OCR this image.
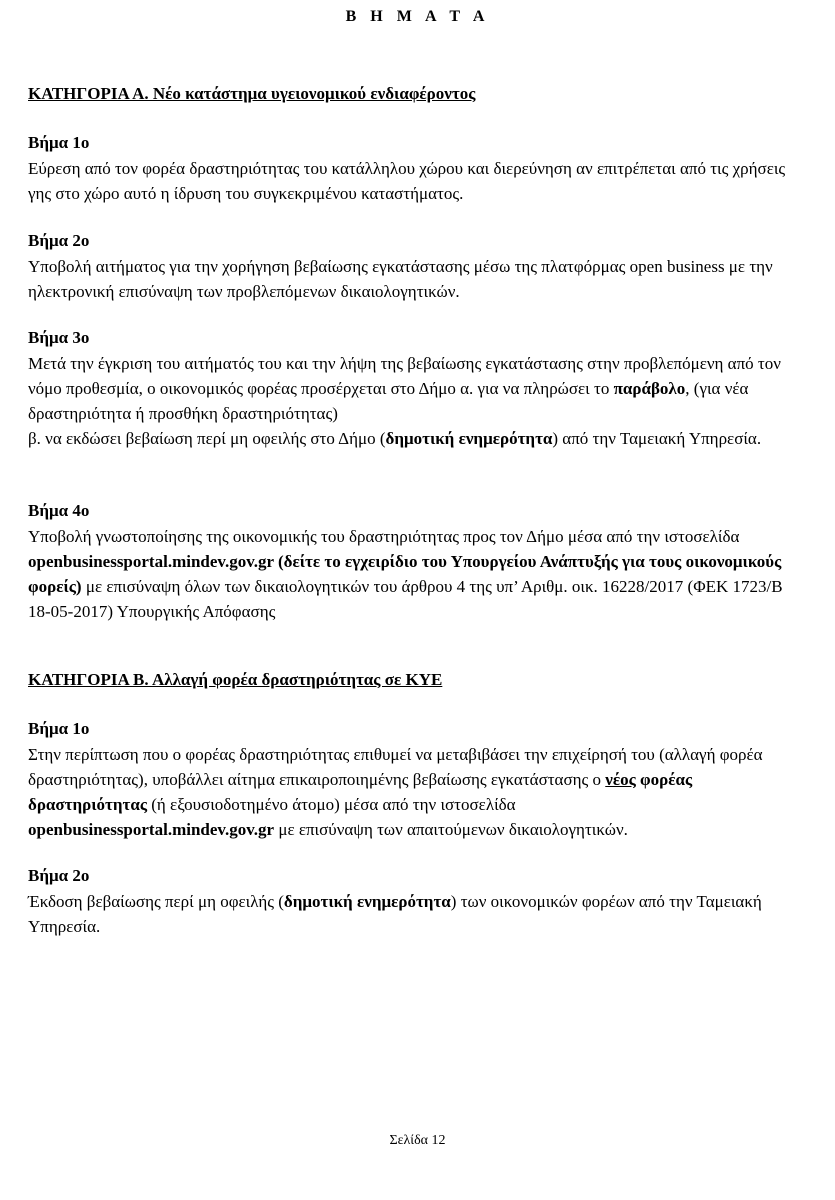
Β Η Μ Α Τ Α
ΚΑΤΗΓΟΡΙΑ Α. Νέο κατάστημα υγειονομικού ενδιαφέροντος
Βήμα 1ο
Εύρεση από τον φορέα δραστηριότητας του κατάλληλου χώρου και διερεύνηση αν επιτρέπεται από τις χρήσεις γης στο χώρο αυτό η ίδρυση του συγκεκριμένου καταστήματος.
Βήμα 2ο
Υποβολή αιτήματος για την χορήγηση βεβαίωσης εγκατάστασης μέσω της πλατφόρμας open business με την ηλεκτρονική επισύναψη των προβλεπόμενων δικαιολογητικών.
Βήμα 3ο
Μετά την έγκριση του αιτήματός του και την λήψη της βεβαίωσης εγκατάστασης στην προβλεπόμενη από τον νόμο προθεσμία, ο οικονομικός φορέας προσέρχεται στο Δήμο α. για να πληρώσει το παράβολο, (για νέα δραστηριότητα ή προσθήκη δραστηριότητας)
β. να εκδώσει βεβαίωση περί μη οφειλής στο Δήμο (δημοτική ενημερότητα) από την Ταμειακή Υπηρεσία.
Βήμα 4ο
Υποβολή γνωστοποίησης της οικονομικής του δραστηριότητας προς τον Δήμο μέσα από την ιστοσελίδα openbusinessportal.mindev.gov.gr (δείτε το εγχειρίδιο του Υπουργείου Ανάπτυξής για τους οικονομικούς φορείς) με επισύναψη όλων των δικαιολογητικών του άρθρου 4 της υπ’ Αριθμ. οικ. 16228/2017 (ΦΕΚ 1723/Β 18-05-2017) Υπουργικής Απόφασης
ΚΑΤΗΓΟΡΙΑ Β. Αλλαγή φορέα δραστηριότητας σε ΚΥΕ
Βήμα 1ο
Στην περίπτωση που ο φορέας δραστηριότητας επιθυμεί να μεταβιβάσει την επιχείρησή του (αλλαγή φορέα δραστηριότητας), υποβάλλει αίτημα επικαιροποιημένης βεβαίωσης εγκατάστασης ο νέος φορέας δραστηριότητας (ή εξουσιοδοτημένο άτομο) μέσα από την ιστοσελίδα
openbusinessportal.mindev.gov.gr με επισύναψη των απαιτούμενων δικαιολογητικών.
Βήμα 2ο
Έκδοση βεβαίωσης περί μη οφειλής (δημοτική ενημερότητα) των οικονομικών φορέων από την Ταμειακή Υπηρεσία.
Σελίδα 12
